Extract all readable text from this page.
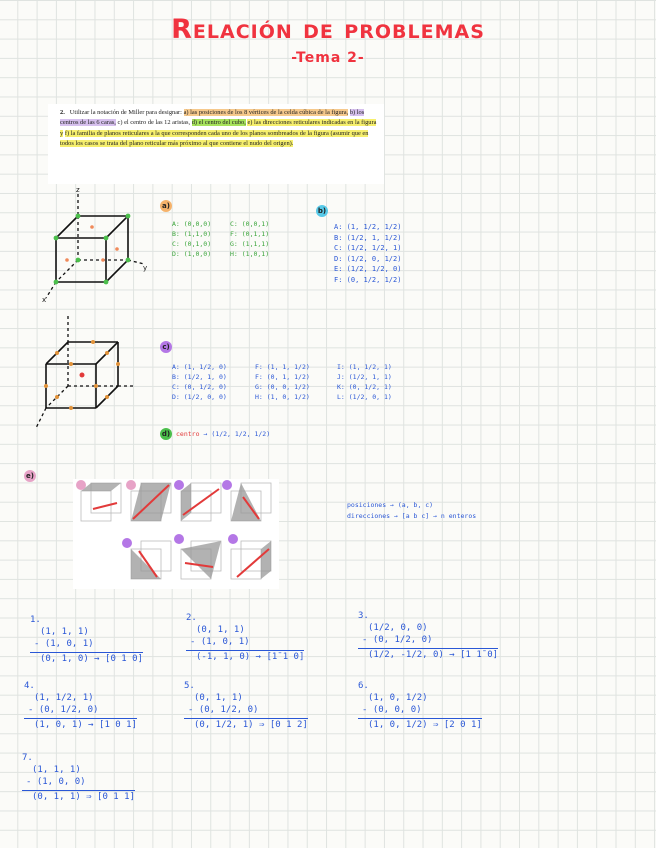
Relación de problemas
-Tema 2-
2. Utilizar la notación de Miller para designar: a) las posiciones de los 8 vértices de la celda cúbica de la figura, b) los centros de las 6 caras, c) el centro de las 12 aristas, d) el centro del cubo, e) las direcciones reticulares indicadas en la figura y f) la familia de planos reticulares a la que corresponden cada uno de los planos sombreados de la figura (asumir que en todos los casos se trata del plano reticular más próximo al que contiene el nudo del origen).
z
y
x
a)
A: (0,0,0)
B: (1,1,0)
C: (0,1,0)
D: (1,0,0)
C: (0,0,1)
F: (0,1,1)
G: (1,1,1)
H: (1,0,1)
b)
A: (1, 1/2, 1/2)
B: (1/2, 1, 1/2)
C: (1/2, 1/2, 1)
D: (1/2, 0, 1/2)
E: (1/2, 1/2, 0)
F: (0, 1/2, 1/2)
c)
A: (1, 1/2, 0)
B: (1/2, 1, 0)
C: (0, 1/2, 0)
D: (1/2, 0, 0)
F: (1, 1, 1/2)
F: (0, 1, 1/2)
G: (0, 0, 1/2)
H: (1, 0, 1/2)
I: (1, 1/2, 1)
J: (1/2, 1, 1)
K: (0, 1/2, 1)
L: (1/2, 0, 1)
d) centro → (1/2, 1/2, 1/2)
e)
posiciones → (a, b, c)
direcciones → [a b c] → n enteros
1.
(1, 1, 1)
- (1, 0, 1)
(0, 1, 0) → [0 1 0]
2.
(0, 1, 1)
- (1, 0, 1)
(-1, 1, 0) → [1̄ 1 0]
3.
(1/2, 0, 0)
- (0, 1/2, 0)
(1/2, -1/2, 0) → [1 1̄ 0]
4.
(1, 1/2, 1)
- (0, 1/2, 0)
(1, 0, 1) → [1 0 1]
5.
(0, 1, 1)
- (0, 1/2, 0)
(0, 1/2, 1) ⇒ [0 1 2]
6.
(1, 0, 1/2)
- (0, 0, 0)
(1, 0, 1/2) ⇒ [2 0 1]
7.
(1, 1, 1)
- (1, 0, 0)
(0, 1, 1) ⇒ [0 1 1]
